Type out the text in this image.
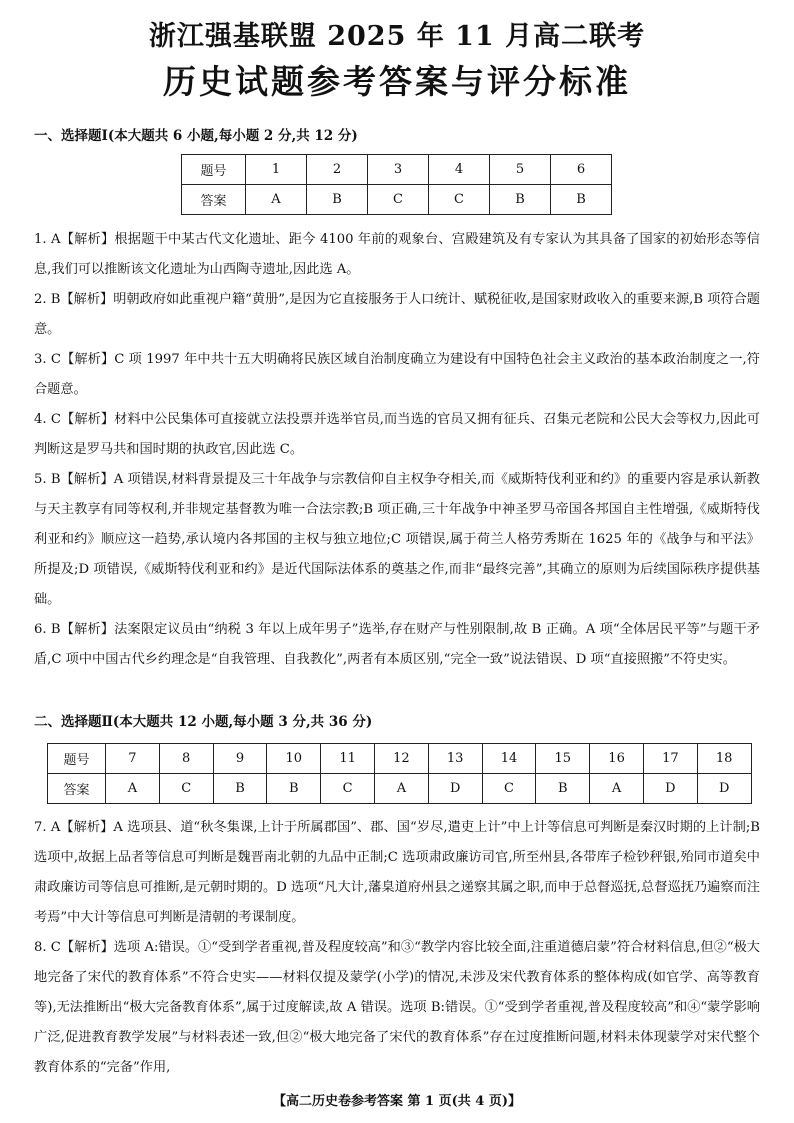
浙江强基联盟 2025 年 11 月高二联考
历史试题参考答案与评分标准
一、选择题Ⅰ(本大题共 6 小题,每小题 2 分,共 12 分)
题号	1	2	3	4	5	6
答案	A	B	C	C	B	B
1. A【解析】根据题干中某古代文化遗址、距今 4100 年前的观象台、宫殿建筑及有专家认为其具备了国家的初始形态等信息,我们可以推断该文化遗址为山西陶寺遗址,因此选 A。
2. B【解析】明朝政府如此重视户籍“黄册”,是因为它直接服务于人口统计、赋税征收,是国家财政收入的重要来源,B 项符合题意。
3. C【解析】C 项 1997 年中共十五大明确将民族区域自治制度确立为建设有中国特色社会主义政治的基本政治制度之一,符合题意。
4. C【解析】材料中公民集体可直接就立法投票并选举官员,而当选的官员又拥有征兵、召集元老院和公民大会等权力,因此可判断这是罗马共和国时期的执政官,因此选 C。
5. B【解析】A 项错误,材料背景提及三十年战争与宗教信仰自主权争夺相关,而《威斯特伐利亚和约》的重要内容是承认新教与天主教享有同等权利,并非规定基督教为唯一合法宗教;B 项正确,三十年战争中神圣罗马帝国各邦国自主性增强,《威斯特伐利亚和约》顺应这一趋势,承认境内各邦国的主权与独立地位;C 项错误,属于荷兰人格劳秀斯在 1625 年的《战争与和平法》所提及;D 项错误,《威斯特伐利亚和约》是近代国际法体系的奠基之作,而非“最终完善”,其确立的原则为后续国际秩序提供基础。
6. B【解析】法案限定议员由“纳税 3 年以上成年男子”选举,存在财产与性别限制,故 B 正确。A 项“全体居民平等”与题干矛盾,C 项中中国古代乡约理念是“自我管理、自我教化”,两者有本质区别,“完全一致”说法错误、D 项“直接照搬”不符史实。
二、选择题Ⅱ(本大题共 12 小题,每小题 3 分,共 36 分)
题号	7	8	9	10	11	12	13	14	15	16	17	18
答案	A	C	B	B	C	A	D	C	B	A	D	D
7. A【解析】A 选项县、道“秋冬集课,上计于所属郡国”、郡、国“岁尽,遣吏上计”中上计等信息可判断是秦汉时期的上计制;B 选项中,故据上品者等信息可判断是魏晋南北朝的九品中正制;C 选项肃政廉访司官,所至州县,各带库子检钞秤银,殆同市道矣中肃政廉访司等信息可推断,是元朝时期的。D 选项“凡大计,藩臬道府州县之递察其属之职,而申于总督巡抚,总督巡抚乃遍察而注考焉”中大计等信息可判断是清朝的考课制度。
8. C【解析】选项 A:错误。①“受到学者重视,普及程度较高”和③“教学内容比较全面,注重道德启蒙”符合材料信息,但②“极大地完备了宋代的教育体系”不符合史实——材料仅提及蒙学(小学)的情况,未涉及宋代教育体系的整体构成(如官学、高等教育等),无法推断出“极大完备教育体系”,属于过度解读,故 A 错误。选项 B:错误。①“受到学者重视,普及程度较高”和④“蒙学影响广泛,促进教育教学发展”与材料表述一致,但②“极大地完备了宋代的教育体系”存在过度推断问题,材料未体现蒙学对宋代整个教育体系的“完备”作用,
【高二历史卷参考答案 第 1 页(共 4 页)】
